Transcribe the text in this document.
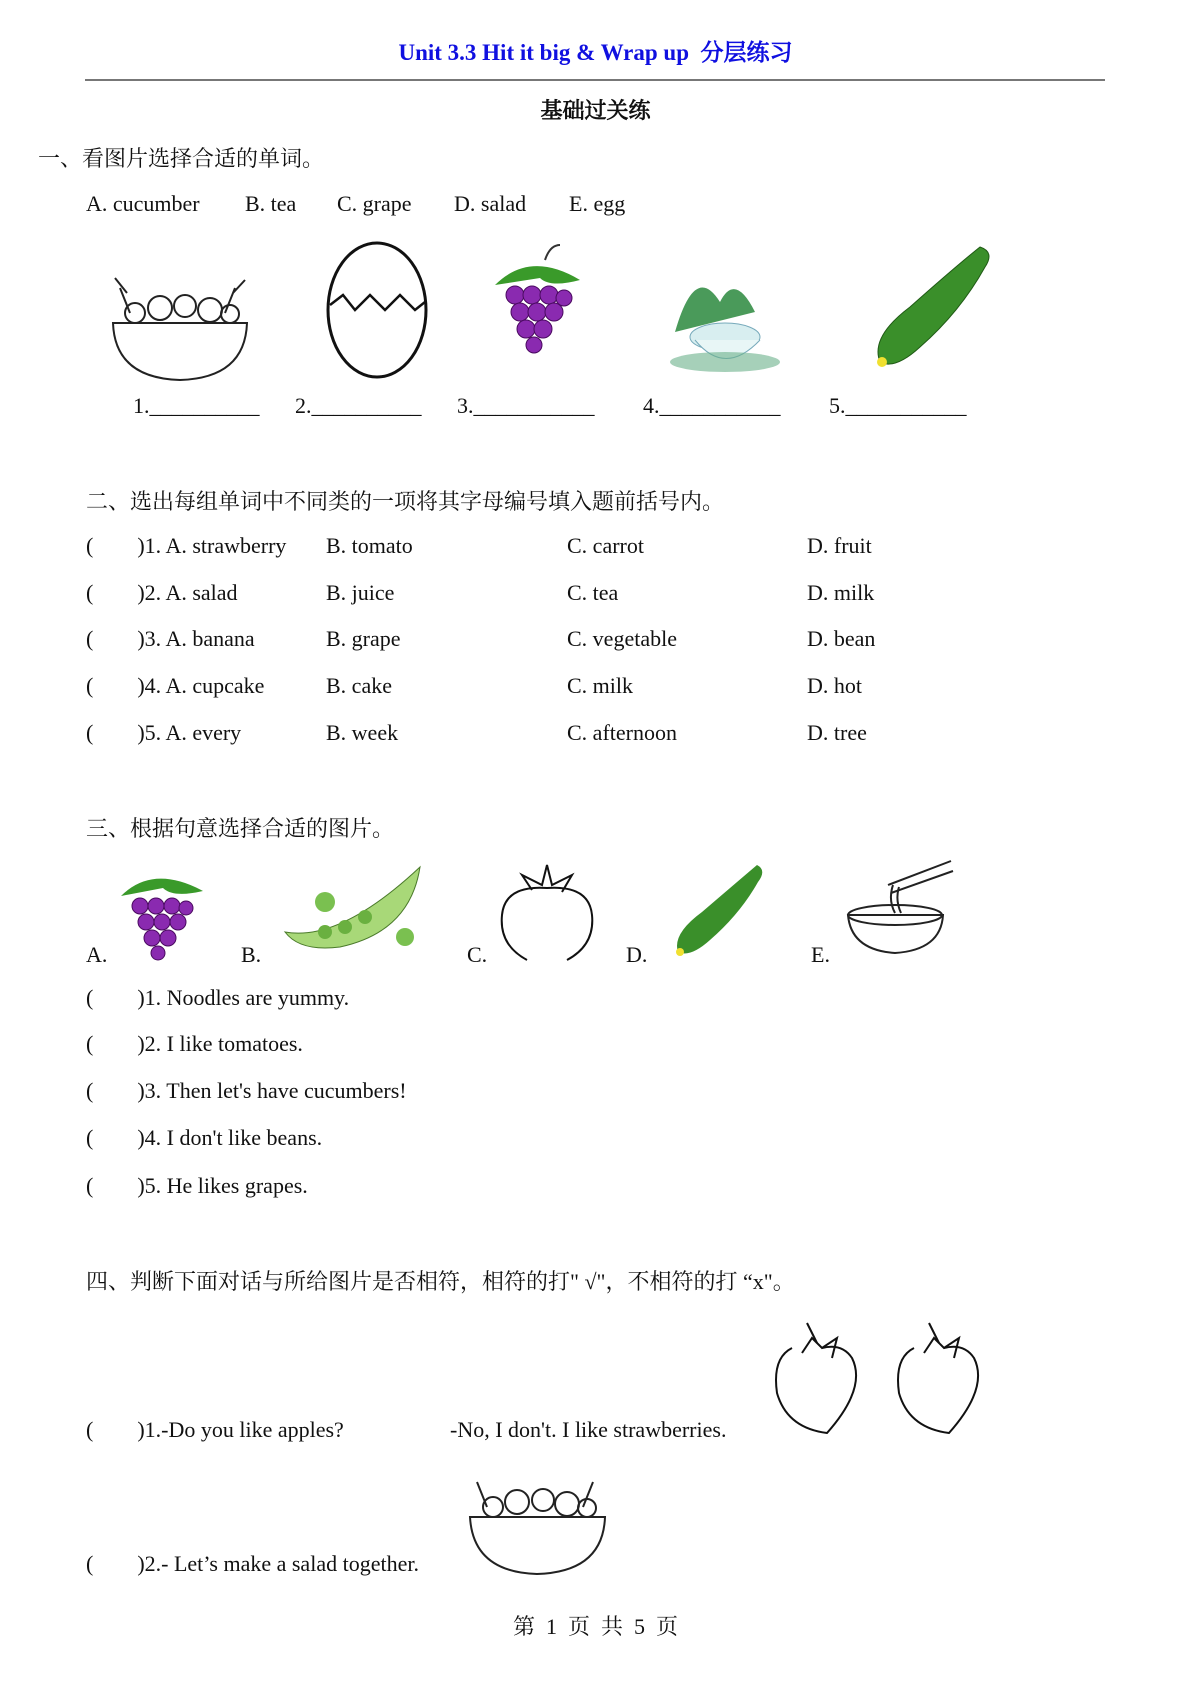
Unit 3.3 Hit it big & Wrap up  分层练习
基础过关练
一、看图片选择合适的单词。
A. cucumber B. tea C. grape D. salad E. egg
1.__________ 2.__________ 3.___________ 4.___________ 5.___________
二、选出每组单词中不同类的一项将其字母编号填入题前括号内。
(        )1. A. strawberry B. tomato	C. carrot	D. fruit
(        )2. A. salad	B. juice	C. tea	D. milk
(        )3. A. banana	B. grape	C. vegetable	D. bean
(        )4. A. cupcake	B. cake	C. milk	D. hot
(        )5. A. every	B. week	C. afternoon	D. tree
三、根据句意选择合适的图片。
A.	B.	C.	D.	E.
(        )1. Noodles are yummy.
(        )2. I like tomatoes.
(        )3. Then let's have cucumbers!
(        )4. I don't like beans.
(        )5. He likes grapes.
四、判断下面对话与所给图片是否相符，相符的打" √"，不相符的打 “x"。
(        )1.-Do you like apples?	-No, I don't. I like strawberries.
(        )2.- Let’s make a salad together.
第  1  页  共  5  页
